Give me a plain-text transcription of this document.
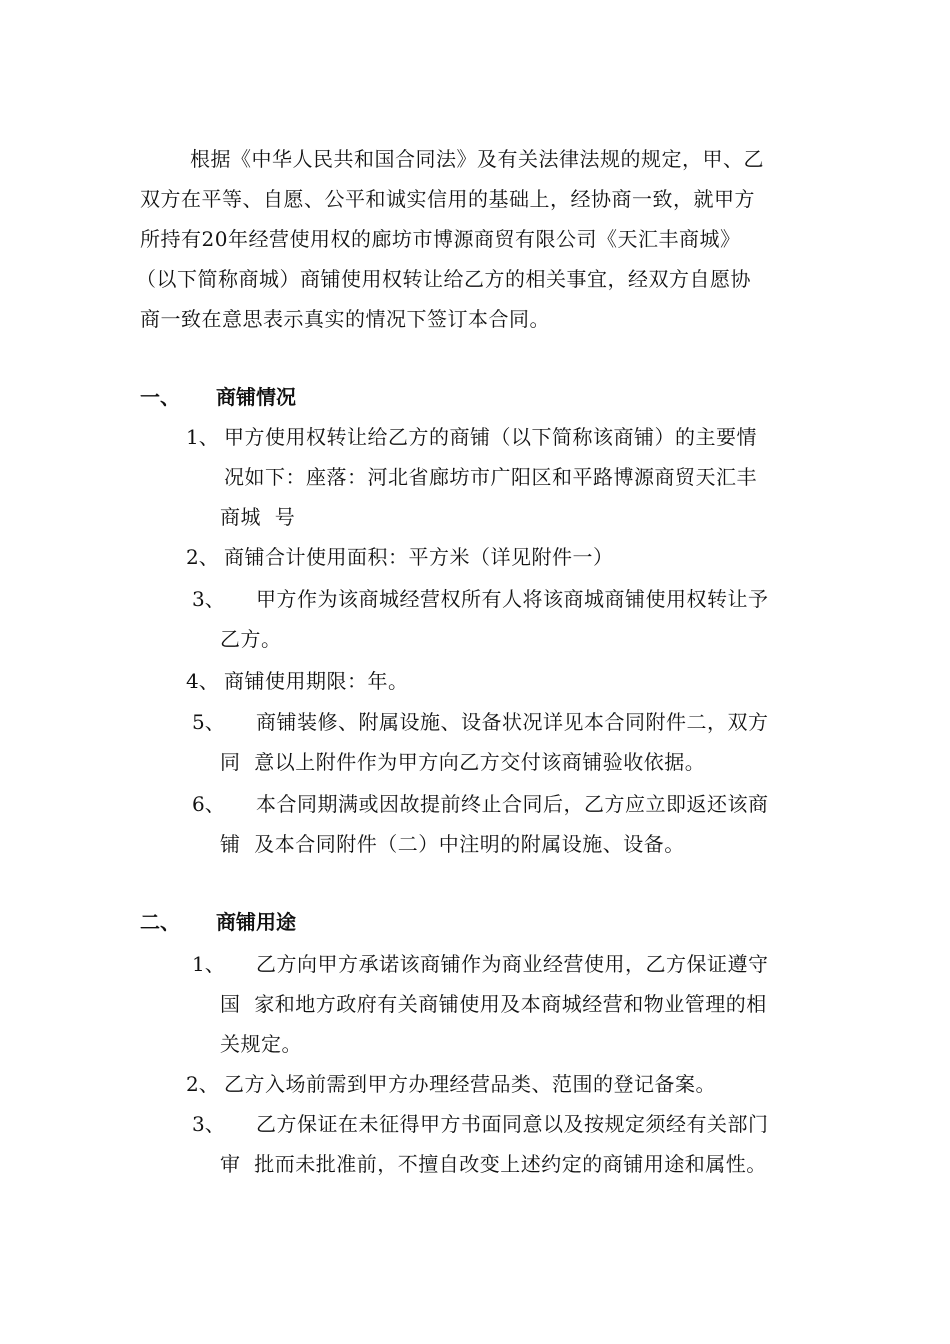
根据《中华人民共和国合同法》及有关法律法规的规定，甲、乙
双方在平等、自愿、公平和诚实信用的基础上，经协商一致，就甲方
所持有20年经营使用权的廊坊市博源商贸有限公司《天汇丰商城》
（以下简称商城）商铺使用权转让给乙方的相关事宜，经双方自愿协
商一致在意思表示真实的情况下签订本合同。
一、 商铺情况
1、 甲方使用权转让给乙方的商铺（以下简称该商铺）的主要情
况如下：座落：河北省廊坊市广阳区和平路博源商贸天汇丰
商城  号
2、 商铺合计使用面积：平方米（详见附件一）
3、 甲方作为该商城经营权所有人将该商城商铺使用权转让予
乙方。
4、 商铺使用期限：年。
5、 商铺装修、附属设施、设备状况详见本合同附件二，双方
同  意以上附件作为甲方向乙方交付该商铺验收依据。
6、 本合同期满或因故提前终止合同后，乙方应立即返还该商
铺  及本合同附件（二）中注明的附属设施、设备。
二、 商铺用途
1、 乙方向甲方承诺该商铺作为商业经营使用，乙方保证遵守
国  家和地方政府有关商铺使用及本商城经营和物业管理的相
关规定。
2、 乙方入场前需到甲方办理经营品类、范围的登记备案。
3、 乙方保证在未征得甲方书面同意以及按规定须经有关部门
审  批而未批准前，不擅自改变上述约定的商铺用途和属性。
